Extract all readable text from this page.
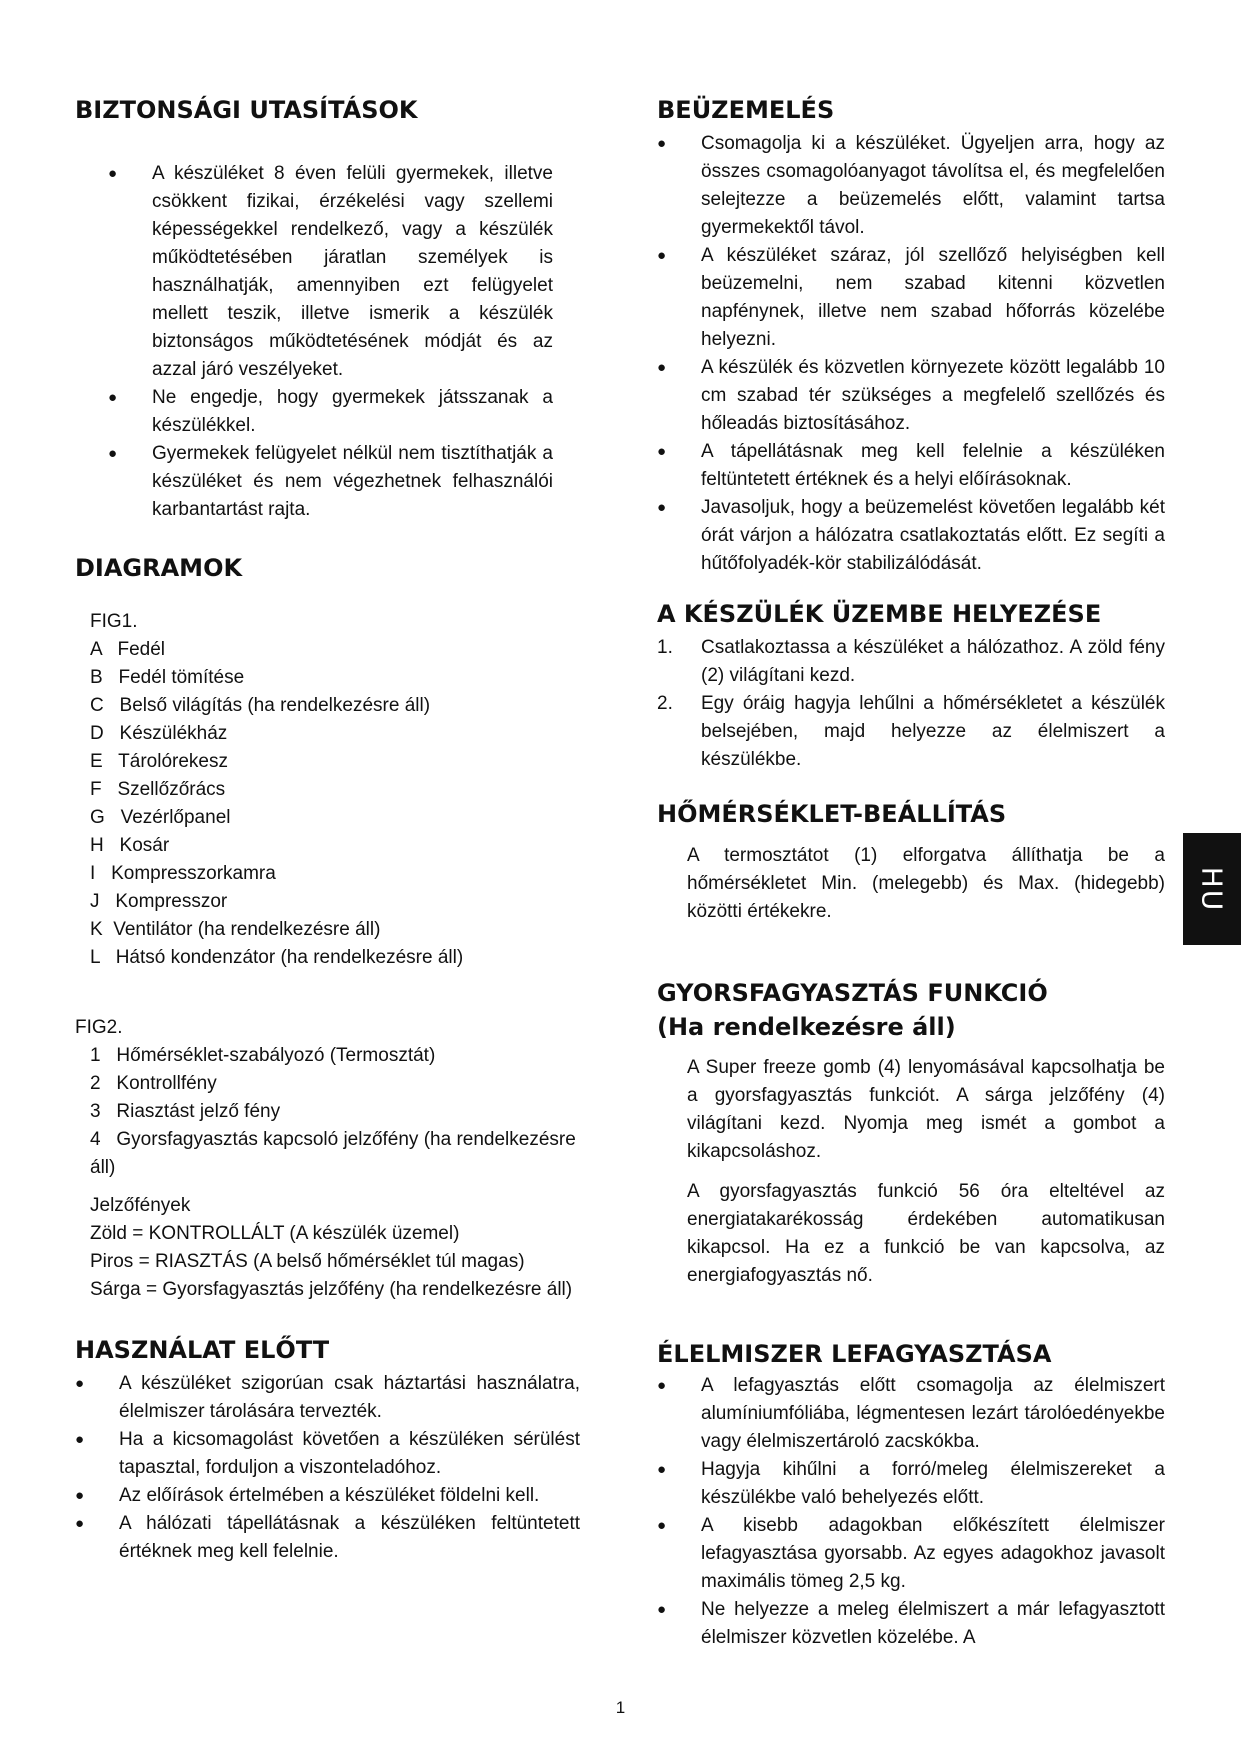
BIZTONSÁGI UTASÍTÁSOK
● A készüléket 8 éven felüli gyermekek, illetve csökkent fizikai, érzékelési vagy szellemi képességekkel rendelkező, vagy a készülék működtetésében járatlan személyek is használhatják, amennyiben ezt felügyelet mellett teszik, illetve ismerik a készülék biztonságos működtetésének módját és az azzal járó veszélyeket.
● Ne engedje, hogy gyermekek játsszanak a készülékkel.
● Gyermekek felügyelet nélkül nem tisztíthatják a készüléket és nem végezhetnek felhasználói karbantartást rajta.
DIAGRAMOK

FIG1.

A   Fedél

B   Fedél tömítése

C   Belső világítás (ha rendelkezésre áll)

D   Készülékház

E   Tárolórekesz

F   Szellőzőrács

G   Vezérlőpanel

H   Kosár

I   Kompresszorkamra

J   Kompresszor

K  Ventilátor (ha rendelkezésre áll)

L   Hátsó kondenzátor (ha rendelkezésre áll)

FIG2.

1   Hőmérséklet-szabályozó (Termosztát)

2   Kontrollfény

3   Riasztást jelző fény

4   Gyorsfagyasztás kapcsoló jelzőfény (ha rendelkezésre áll)

Jelzőfények

Zöld = KONTROLLÁLT (A készülék üzemel)

Piros = RIASZTÁS (A belső hőmérséklet túl magas)

Sárga = Gyorsfagyasztás jelzőfény (ha rendelkezésre áll)

HASZNÁLAT ELŐTT
● A készüléket szigorúan csak háztartási használatra, élelmiszer tárolására tervezték.
● Ha a kicsomagolást követően a készüléken sérülést tapasztal, forduljon a viszonteladóhoz.
● Az előírások értelmében a készüléket földelni kell.
● A hálózati tápellátásnak a készüléken feltüntetett értéknek meg kell felelnie.
BEÜZEMELÉS
● Csomagolja ki a készüléket. Ügyeljen arra, hogy az összes csomagolóanyagot távolítsa el, és megfelelően selejtezze a beüzemelés előtt, valamint tartsa gyermekektől távol.
● A készüléket száraz, jól szellőző helyiségben kell beüzemelni, nem szabad kitenni közvetlen napfénynek, illetve nem szabad hőforrás közelébe helyezni.
● A készülék és közvetlen környezete között legalább 10 cm szabad tér szükséges a megfelelő szellőzés és hőleadás biztosításához.
● A tápellátásnak meg kell felelnie a készüléken feltüntetett értéknek és a helyi előírásoknak.
● Javasoljuk, hogy a beüzemelést követően legalább két órát várjon a hálózatra csatlakoztatás előtt. Ez segíti a hűtőfolyadék-kör stabilizálódását.
A KÉSZÜLÉK ÜZEMBE HELYEZÉSE
1. Csatlakoztassa a készüléket a hálózathoz. A zöld fény (2) világítani kezd.
2. Egy óráig hagyja lehűlni a hőmérsékletet a készülék belsejében, majd helyezze az élelmiszert a készülékbe.
HŐMÉRSÉKLET-BEÁLLÍTÁS

A termosztátot (1) elforgatva állíthatja be a hőmérsékletet Min. (melegebb) és Max. (hidegebb) közötti értékekre.

GYORSFAGYASZTÁS FUNKCIÓ (Ha rendelkezésre áll)

A Super freeze gomb (4) lenyomásával kapcsolhatja be a gyorsfagyasztás funkciót. A sárga jelzőfény (4) világítani kezd. Nyomja meg ismét a gombot a kikapcsoláshoz.

A gyorsfagyasztás funkció 56 óra elteltével az energiatakarékosság érdekében automatikusan kikapcsol. Ha ez a funkció be van kapcsolva, az energiafogyasztás nő.

ÉLELMISZER LEFAGYASZTÁSA
● A lefagyasztás előtt csomagolja az élelmiszert alumíniumfóliába, légmentesen lezárt tárolóedényekbe vagy élelmiszertároló zacskókba.
● Hagyja kihűlni a forró/meleg élelmiszereket a készülékbe való behelyezés előtt.
● A kisebb adagokban előkészített élelmiszer lefagyasztása gyorsabb. Az egyes adagokhoz javasolt maximális tömeg 2,5 kg.
● Ne helyezze a meleg élelmiszert a már lefagyasztott élelmiszer közvetlen közelébe. A
HU
1
